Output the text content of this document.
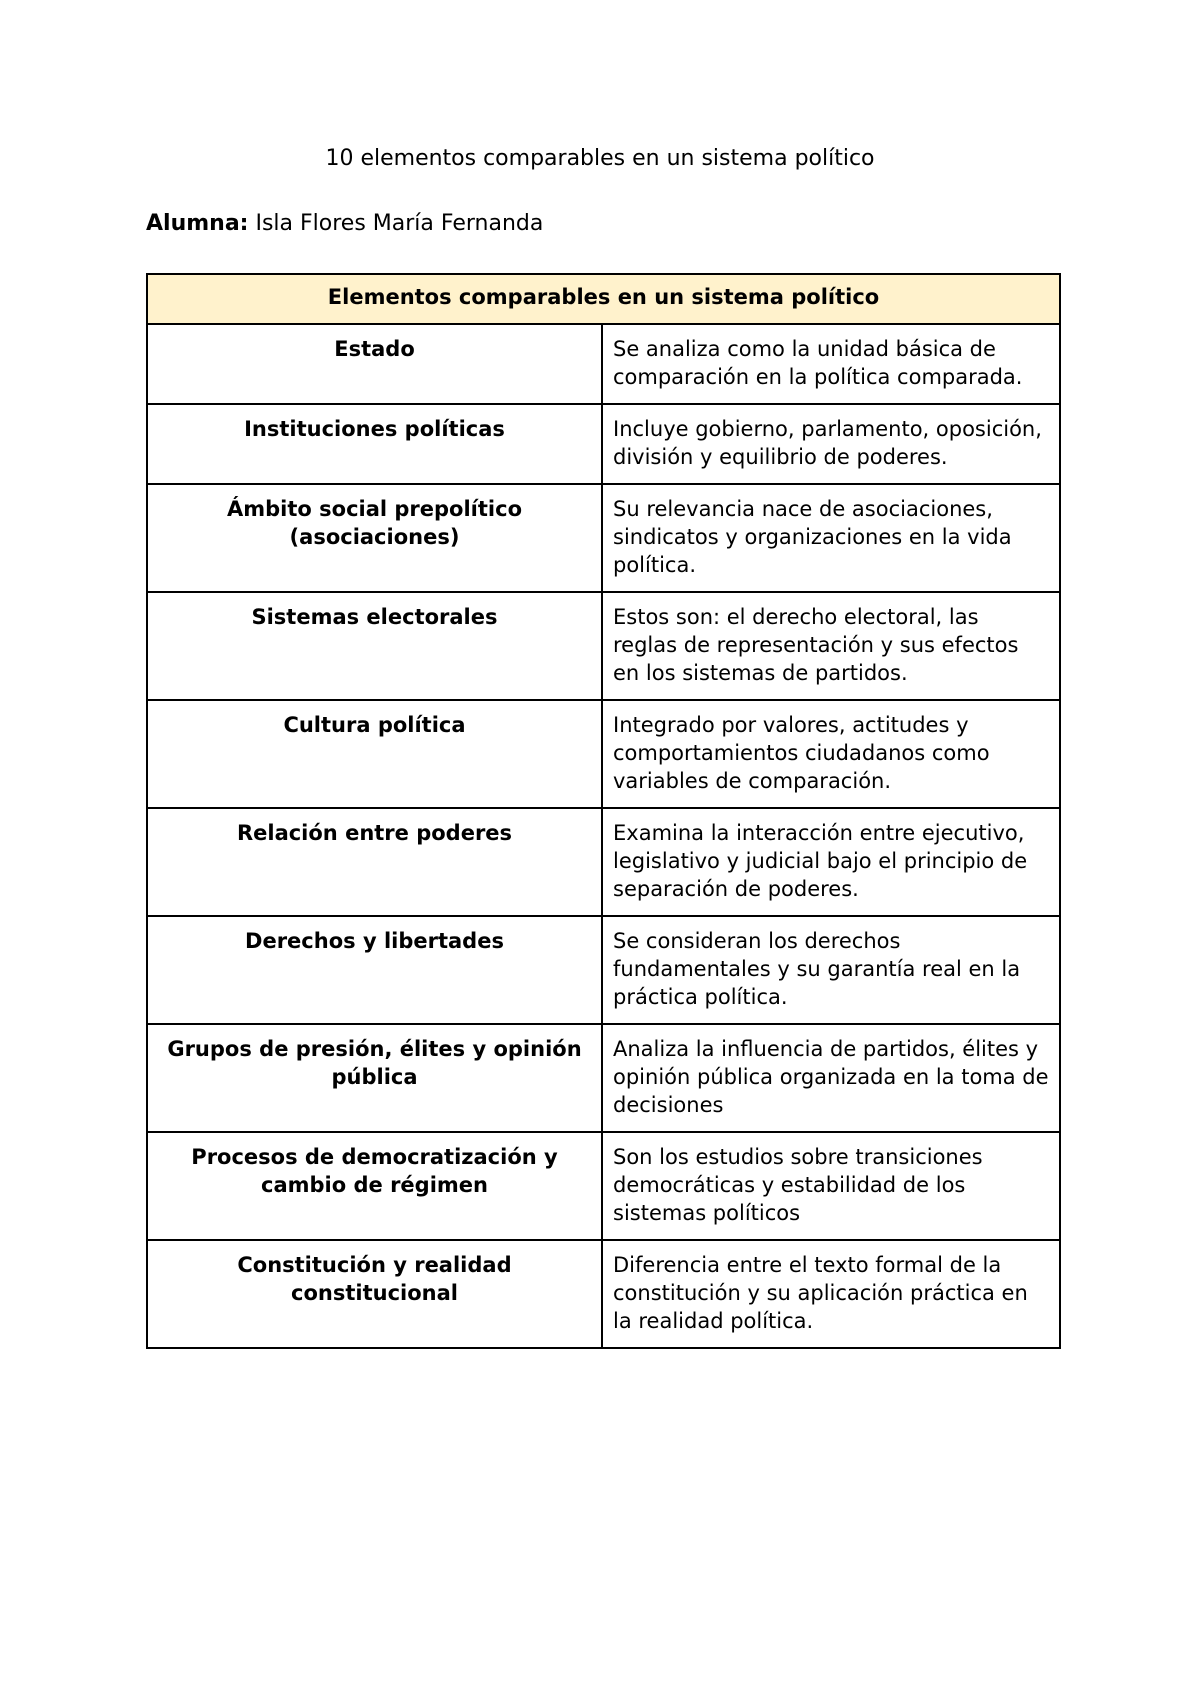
10 elementos comparables en un sistema político
Alumna: Isla Flores María Fernanda
Elementos comparables en un sistema político	
Estado	Se analiza como la unidad básica de comparación en la política comparada.
Instituciones políticas	Incluye gobierno, parlamento, oposición, división y equilibrio de poderes.
Ámbito social prepolítico (asociaciones)	Su relevancia nace de asociaciones, sindicatos y organizaciones en la vida política.
Sistemas electorales	Estos son: el derecho electoral, las reglas de representación y sus efectos en los sistemas de partidos.
Cultura política	Integrado por valores, actitudes y comportamientos ciudadanos como variables de comparación.
Relación entre poderes	Examina la interacción entre ejecutivo, legislativo y judicial bajo el principio de separación de poderes.
Derechos y libertades	Se consideran los derechos fundamentales y su garantía real en la práctica política.
Grupos de presión, élites y opinión pública	Analiza la influencia de partidos, élites y opinión pública organizada en la toma de decisiones
Procesos de democratización y cambio de régimen	Son los estudios sobre transiciones democráticas y estabilidad de los sistemas políticos
Constitución y realidad constitucional	Diferencia entre el texto formal de la constitución y su aplicación práctica en la realidad política.
